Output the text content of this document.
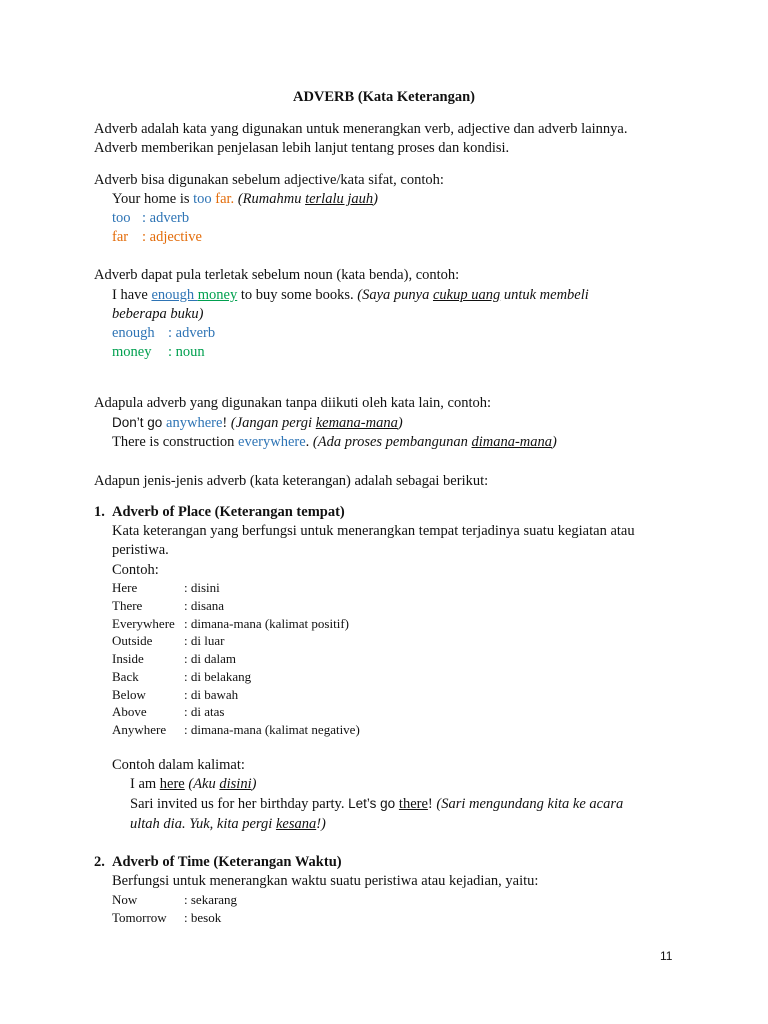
ADVERB (Kata Keterangan)
Adverb adalah kata yang digunakan untuk menerangkan verb, adjective dan adverb lainnya.
Adverb memberikan penjelasan lebih lanjut tentang proses dan kondisi.
Adverb bisa digunakan sebelum adjective/kata sifat, contoh:
Your home is too far. (Rumahmu terlalu jauh)
too : adverb
far : adjective
Adverb dapat pula terletak sebelum noun (kata benda), contoh:
I have enough money to buy some books. (Saya punya cukup uang untuk membeli
beberapa buku)
enough : adverb
money : noun
Adapula adverb yang digunakan tanpa diikuti oleh kata lain, contoh:
Don’t go anywhere! (Jangan pergi kemana-mana)
There is construction everywhere. (Ada proses pembangunan dimana-mana)
Adapun jenis-jenis adverb (kata keterangan) adalah sebagai berikut:
1. Adverb of Place (Keterangan tempat)
Kata keterangan yang berfungsi untuk menerangkan tempat terjadinya suatu kegiatan atau
peristiwa.
Contoh:
Here	: disini
There	: disana
Everywhere : dimana-mana (kalimat positif)
Outside : di luar
Inside	: di dalam
Back	: di belakang
Below	: di bawah
Above	: di atas
Anywhere : dimana-mana (kalimat negative)
Contoh dalam kalimat:
I am here (Aku disini)
Sari invited us for her birthday party. Let’s go there! (Sari mengundang kita ke acara
ultah dia. Yuk, kita pergi kesana!)
2. Adverb of Time (Keterangan Waktu)
Berfungsi untuk menerangkan waktu suatu peristiwa atau kejadian, yaitu:
Now	: sekarang
Tomorrow : besok
11
